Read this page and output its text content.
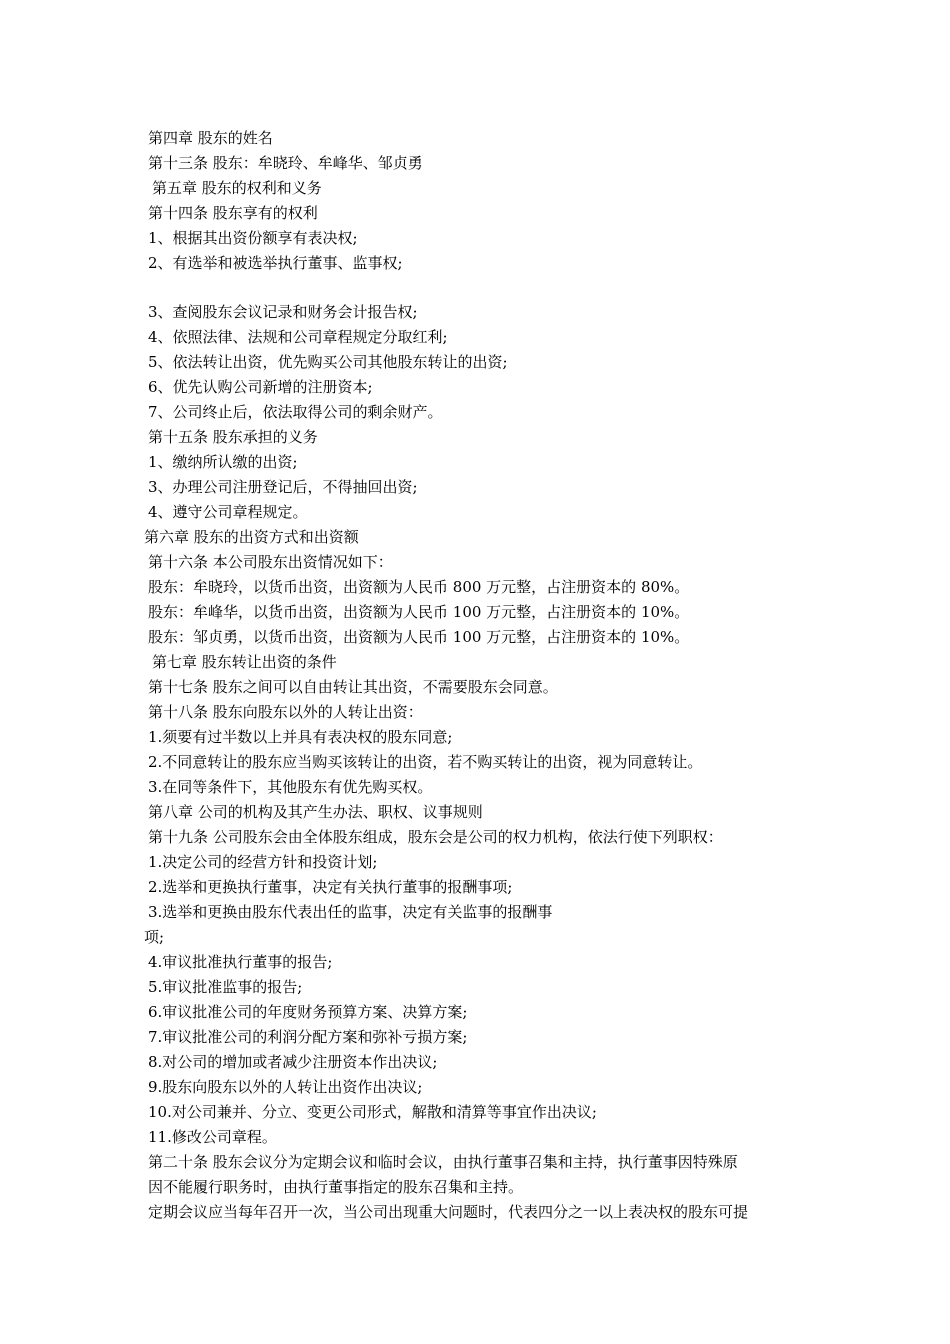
第四章 股东的姓名
第十三条 股东：牟晓玲、牟峰华、邹贞勇
第五章 股东的权利和义务
第十四条 股东享有的权利
1、根据其出资份额享有表决权;
2、有选举和被选举执行董事、监事权;
3、查阅股东会议记录和财务会计报告权;
4、依照法律、法规和公司章程规定分取红利;
5、依法转让出资，优先购买公司其他股东转让的出资;
6、优先认购公司新增的注册资本;
7、公司终止后，依法取得公司的剩余财产。
第十五条 股东承担的义务
1、缴纳所认缴的出资;
3、办理公司注册登记后，不得抽回出资;
4、遵守公司章程规定。
第六章 股东的出资方式和出资额
第十六条 本公司股东出资情况如下：
股东：牟晓玲，以货币出资，出资额为人民币 800 万元整，占注册资本的 80%。
股东：牟峰华，以货币出资，出资额为人民币 100 万元整，占注册资本的 10%。
股东：邹贞勇，以货币出资，出资额为人民币 100 万元整，占注册资本的 10%。
第七章 股东转让出资的条件
第十七条 股东之间可以自由转让其出资，不需要股东会同意。
第十八条 股东向股东以外的人转让出资：
1.须要有过半数以上并具有表决权的股东同意;
2.不同意转让的股东应当购买该转让的出资，若不购买转让的出资，视为同意转让。
3.在同等条件下，其他股东有优先购买权。
第八章 公司的机构及其产生办法、职权、议事规则
第十九条 公司股东会由全体股东组成，股东会是公司的权力机构，依法行使下列职权：
1.决定公司的经营方针和投资计划;
2.选举和更换执行董事，决定有关执行董事的报酬事项;
3.选举和更换由股东代表出任的监事，决定有关监事的报酬事
项;
4.审议批准执行董事的报告;
5.审议批准监事的报告;
6.审议批准公司的年度财务预算方案、决算方案;
7.审议批准公司的利润分配方案和弥补亏损方案;
8.对公司的增加或者减少注册资本作出决议;
9.股东向股东以外的人转让出资作出决议;
10.对公司兼并、分立、变更公司形式，解散和清算等事宜作出决议;
11.修改公司章程。
第二十条 股东会议分为定期会议和临时会议，由执行董事召集和主持，执行董事因特殊原
因不能履行职务时，由执行董事指定的股东召集和主持。
定期会议应当每年召开一次，当公司出现重大问题时，代表四分之一以上表决权的股东可提
